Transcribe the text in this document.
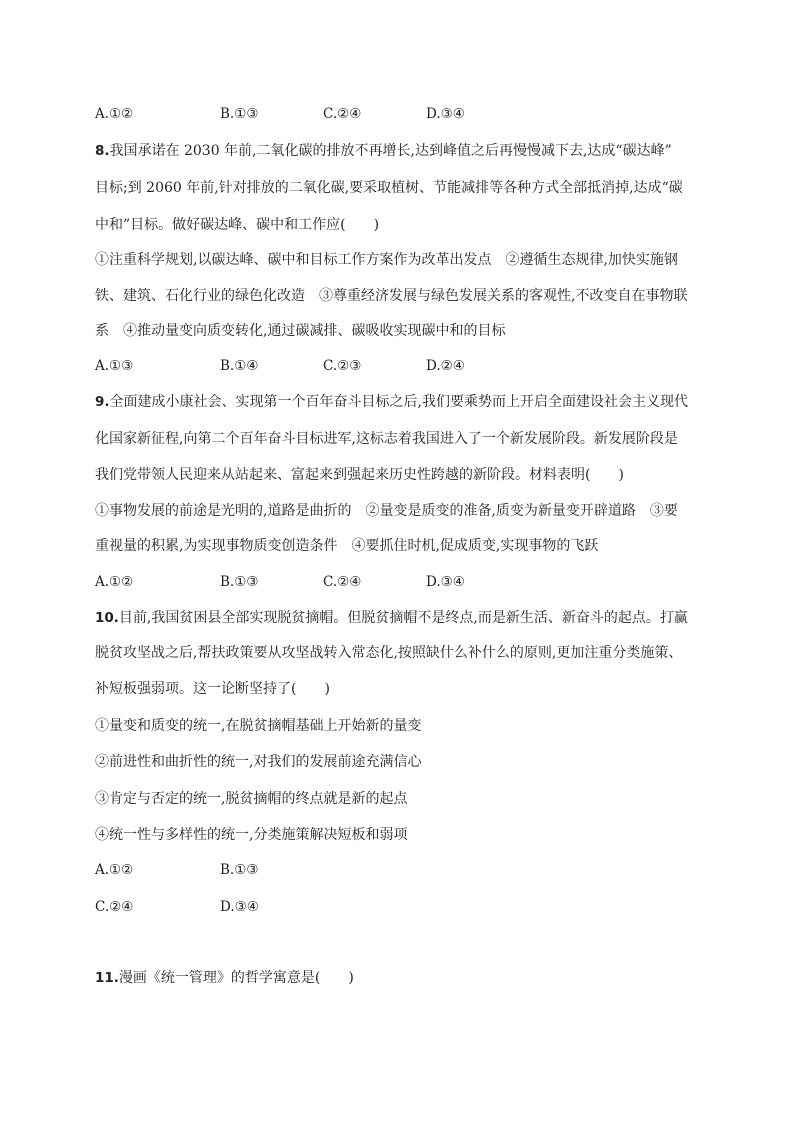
A.①②	B.①③	C.②④	D.③④
8.我国承诺在 2030 年前,二氧化碳的排放不再增长,达到峰值之后再慢慢减下去,达成“碳达峰”
目标;到 2060 年前,针对排放的二氧化碳,要采取植树、节能减排等各种方式全部抵消掉,达成“碳
中和”目标。做好碳达峰、碳中和工作应(　　)
①注重科学规划,以碳达峰、碳中和目标工作方案作为改革出发点　②遵循生态规律,加快实施钢
铁、建筑、石化行业的绿色化改造　③尊重经济发展与绿色发展关系的客观性,不改变自在事物联
系　④推动量变向质变转化,通过碳减排、碳吸收实现碳中和的目标
A.①③	B.①④	C.②③	D.②④
9.全面建成小康社会、实现第一个百年奋斗目标之后,我们要乘势而上开启全面建设社会主义现代
化国家新征程,向第二个百年奋斗目标进军,这标志着我国进入了一个新发展阶段。新发展阶段是
我们党带领人民迎来从站起来、富起来到强起来历史性跨越的新阶段。材料表明(　　)
①事物发展的前途是光明的,道路是曲折的　②量变是质变的准备,质变为新量变开辟道路　③要
重视量的积累,为实现事物质变创造条件　④要抓住时机,促成质变,实现事物的飞跃
A.①②	B.①③	C.②④	D.③④
10.目前,我国贫困县全部实现脱贫摘帽。但脱贫摘帽不是终点,而是新生活、新奋斗的起点。打赢
脱贫攻坚战之后,帮扶政策要从攻坚战转入常态化,按照缺什么补什么的原则,更加注重分类施策、
补短板强弱项。这一论断坚持了(　　)
①量变和质变的统一,在脱贫摘帽基础上开始新的量变
②前进性和曲折性的统一,对我们的发展前途充满信心
③肯定与否定的统一,脱贫摘帽的终点就是新的起点
④统一性与多样性的统一,分类施策解决短板和弱项
A.①②	B.①③
C.②④	D.③④
11.漫画《统一管理》的哲学寓意是(　　)
